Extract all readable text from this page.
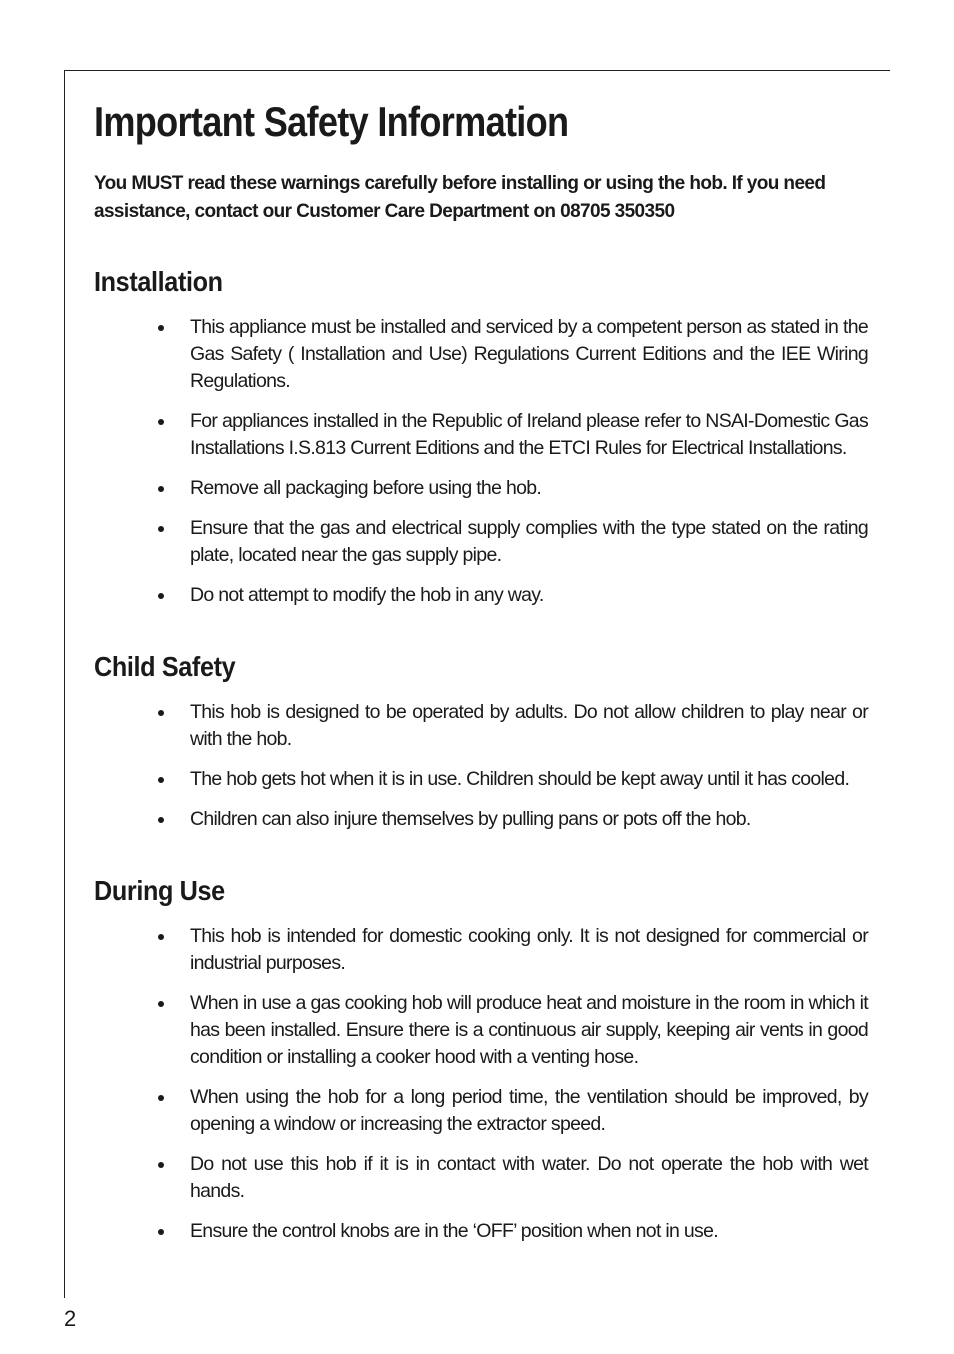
Important Safety Information

You MUST read these warnings carefully before installing or using the hob. If you need assistance, contact our Customer Care Department on 08705 350350

Installation
This appliance must be installed and serviced by a competent person as stated in the Gas Safety ( Installation and Use) Regulations Current Editions and the IEE Wiring Regulations.
For appliances installed in the Republic of Ireland please refer to NSAI-Domestic Gas Installations I.S.813 Current Editions and the ETCI Rules for Electrical Installations.
Remove all packaging before using the hob.
Ensure that the gas and electrical supply complies with the type stated on the rating plate, located near the gas supply pipe.
Do not attempt to modify the hob in any way.
Child Safety
This hob is designed to be operated by adults. Do not allow children to play near or with the hob.
The hob gets hot when it is in use. Children should be kept away until it has cooled.
Children can also injure themselves by pulling pans or pots off the hob.
During Use
This hob is intended for domestic cooking only. It is not designed for commercial or industrial purposes.
When in use a gas cooking hob will produce heat and moisture in the room in which it has been installed. Ensure there is a continuous air supply, keeping air vents in good condition or installing a cooker hood with a venting hose.
When using the hob for a long period time, the ventilation should be improved, by opening a window or increasing the extractor speed.
Do not use this hob if it is in contact with water. Do not operate the hob with wet hands.
Ensure the control knobs are in the ‘OFF’ position when not in use.
2
